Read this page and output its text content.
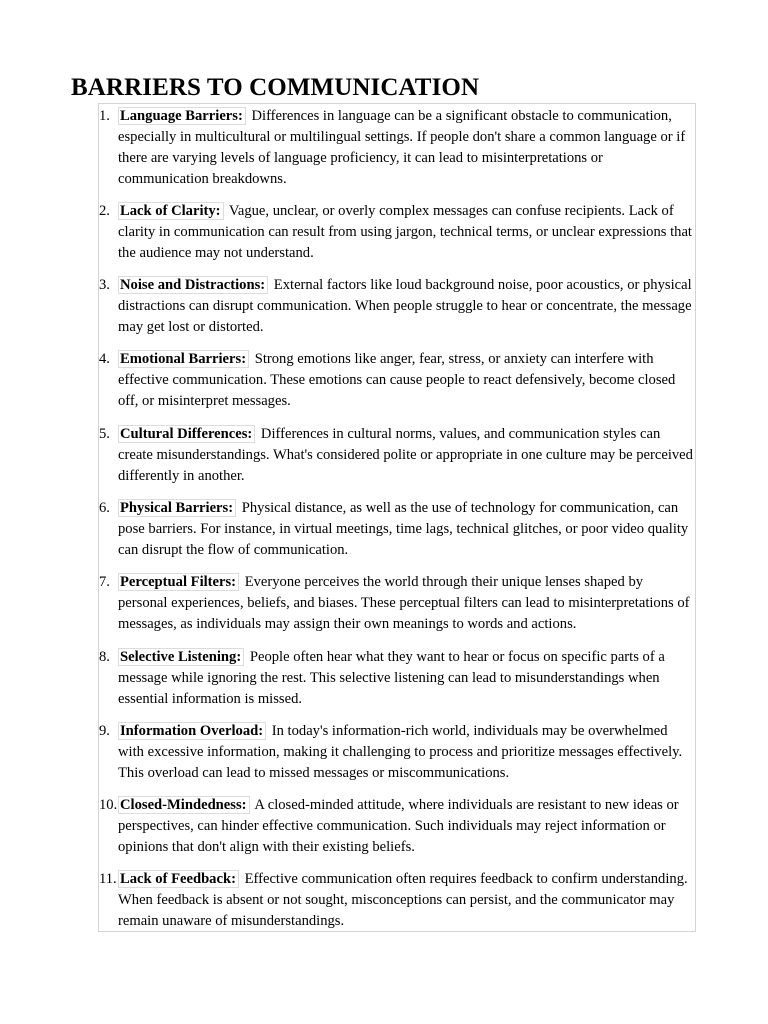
BARRIERS TO COMMUNICATION
1. Language Barriers: Differences in language can be a significant obstacle to communication, especially in multicultural or multilingual settings. If people don't share a common language or if there are varying levels of language proficiency, it can lead to misinterpretations or communication breakdowns.
2. Lack of Clarity: Vague, unclear, or overly complex messages can confuse recipients. Lack of clarity in communication can result from using jargon, technical terms, or unclear expressions that the audience may not understand.
3. Noise and Distractions: External factors like loud background noise, poor acoustics, or physical distractions can disrupt communication. When people struggle to hear or concentrate, the message may get lost or distorted.
4. Emotional Barriers: Strong emotions like anger, fear, stress, or anxiety can interfere with effective communication. These emotions can cause people to react defensively, become closed off, or misinterpret messages.
5. Cultural Differences: Differences in cultural norms, values, and communication styles can create misunderstandings. What's considered polite or appropriate in one culture may be perceived differently in another.
6. Physical Barriers: Physical distance, as well as the use of technology for communication, can pose barriers. For instance, in virtual meetings, time lags, technical glitches, or poor video quality can disrupt the flow of communication.
7. Perceptual Filters: Everyone perceives the world through their unique lenses shaped by personal experiences, beliefs, and biases. These perceptual filters can lead to misinterpretations of messages, as individuals may assign their own meanings to words and actions.
8. Selective Listening: People often hear what they want to hear or focus on specific parts of a message while ignoring the rest. This selective listening can lead to misunderstandings when essential information is missed.
9. Information Overload: In today's information-rich world, individuals may be overwhelmed with excessive information, making it challenging to process and prioritize messages effectively. This overload can lead to missed messages or miscommunications.
10. Closed-Mindedness: A closed-minded attitude, where individuals are resistant to new ideas or perspectives, can hinder effective communication. Such individuals may reject information or opinions that don't align with their existing beliefs.
11. Lack of Feedback: Effective communication often requires feedback to confirm understanding. When feedback is absent or not sought, misconceptions can persist, and the communicator may remain unaware of misunderstandings.
